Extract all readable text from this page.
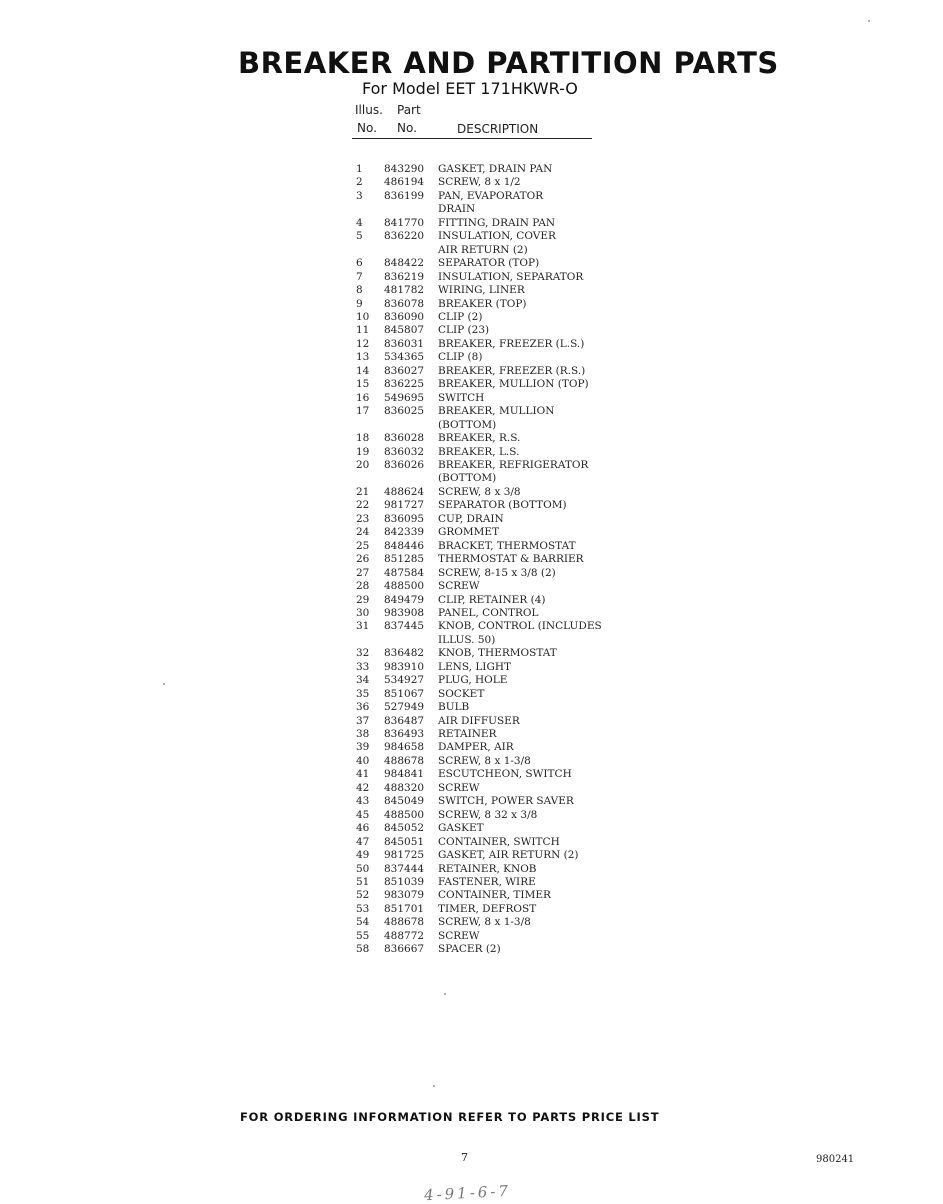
BREAKER AND PARTITION PARTS
For Model EET 171HKWR-O
Illus. Part
No. No.	DESCRIPTION
1	843290	GASKET, DRAIN PAN
2	486194	SCREW, 8 x 1/2
3	836199	PAN, EVAPORATOR
DRAIN
4	841770	FITTING, DRAIN PAN
5	836220	INSULATION, COVER
AIR RETURN (2)
6	848422	SEPARATOR (TOP)
7	836219	INSULATION, SEPARATOR
8	481782	WIRING, LINER
9	836078	BREAKER (TOP)
10	836090	CLIP (2)
11	845807	CLIP (23)
12	836031	BREAKER, FREEZER (L.S.)
13	534365	CLIP (8)
14	836027	BREAKER, FREEZER (R.S.)
15	836225	BREAKER, MULLION (TOP)
16	549695	SWITCH
17	836025	BREAKER, MULLION
(BOTTOM)
18	836028	BREAKER, R.S.
19	836032	BREAKER, L.S.
20	836026	BREAKER, REFRIGERATOR
(BOTTOM)
21	488624	SCREW, 8 x 3/8
22	981727	SEPARATOR (BOTTOM)
23	836095	CUP, DRAIN
24	842339	GROMMET
25	848446	BRACKET, THERMOSTAT
26	851285	THERMOSTAT & BARRIER
27	487584	SCREW, 8-15 x 3/8 (2)
28	488500	SCREW
29	849479	CLIP, RETAINER (4)
30	983908	PANEL, CONTROL
31	837445	KNOB, CONTROL (INCLUDES
ILLUS. 50)
32	836482	KNOB, THERMOSTAT
33	983910	LENS, LIGHT
34	534927	PLUG, HOLE
35	851067	SOCKET
36	527949	BULB
37	836487	AIR DIFFUSER
38	836493	RETAINER
39	984658	DAMPER, AIR
40	488678	SCREW, 8 x 1-3/8
41	984841	ESCUTCHEON, SWITCH
42	488320	SCREW
43	845049	SWITCH, POWER SAVER
45	488500	SCREW, 8 32 x 3/8
46	845052	GASKET
47	845051	CONTAINER, SWITCH
49	981725	GASKET, AIR RETURN (2)
50	837444	RETAINER, KNOB
51	851039	FASTENER, WIRE
52	983079	CONTAINER, TIMER
53	851701	TIMER, DEFROST
54	488678	SCREW, 8 x 1-3/8
55	488772	SCREW
58	836667	SPACER (2)
FOR ORDERING INFORMATION REFER TO PARTS PRICE LIST
7	980241
4-91-6-7
